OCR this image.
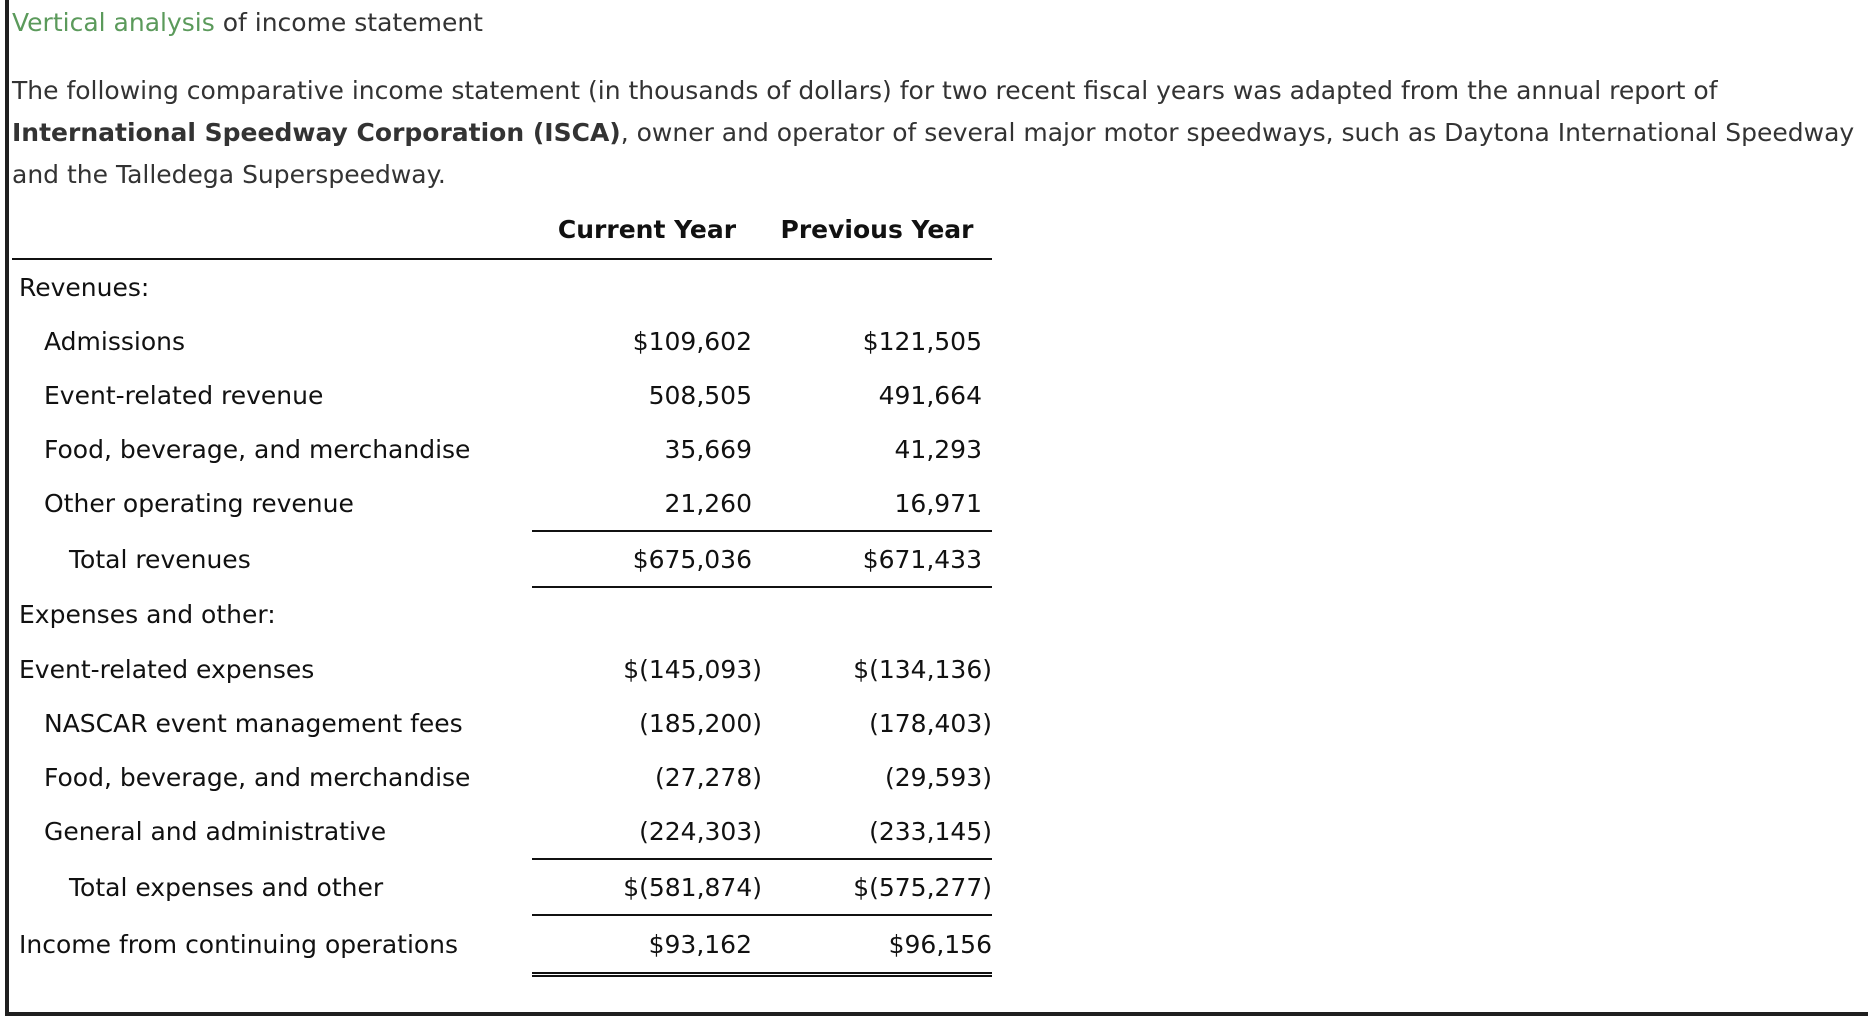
Vertical analysis of income statement
The following comparative income statement (in thousands of dollars) for two recent fiscal years was adapted from the annual report of International Speedway Corporation (ISCA), owner and operator of several major motor speedways, such as Daytona International Speedway and the Talledega Superspeedway.
	Current Year	Previous Year
Revenues:		
Admissions	$109,602	$121,505
Event-related revenue	508,505	491,664
Food, beverage, and merchandise	35,669	41,293
Other operating revenue	21,260	16,971
Total revenues	$675,036	$671,433
Expenses and other:		
Event-related expenses	$(145,093)	$(134,136)
NASCAR event management fees	(185,200)	(178,403)
Food, beverage, and merchandise	(27,278)	(29,593)
General and administrative	(224,303)	(233,145)
Total expenses and other	$(581,874)	$(575,277)
Income from continuing operations	$93,162	$96,156
